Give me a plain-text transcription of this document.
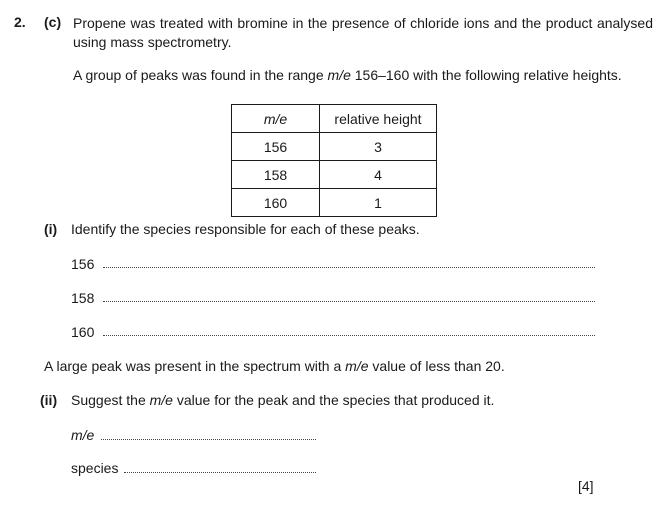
2. (c) Propene was treated with bromine in the presence of chloride ions and the product analysed using mass spectrometry.
A group of peaks was found in the range m/e 156–160 with the following relative heights.
m/e	relative height
156	3
158	4
160	1
(i) Identify the species responsible for each of these peaks.
156
158
160
A large peak was present in the spectrum with a m/e value of less than 20.
(ii) Suggest the m/e value for the peak and the species that produced it.
m/e
species
[4]
